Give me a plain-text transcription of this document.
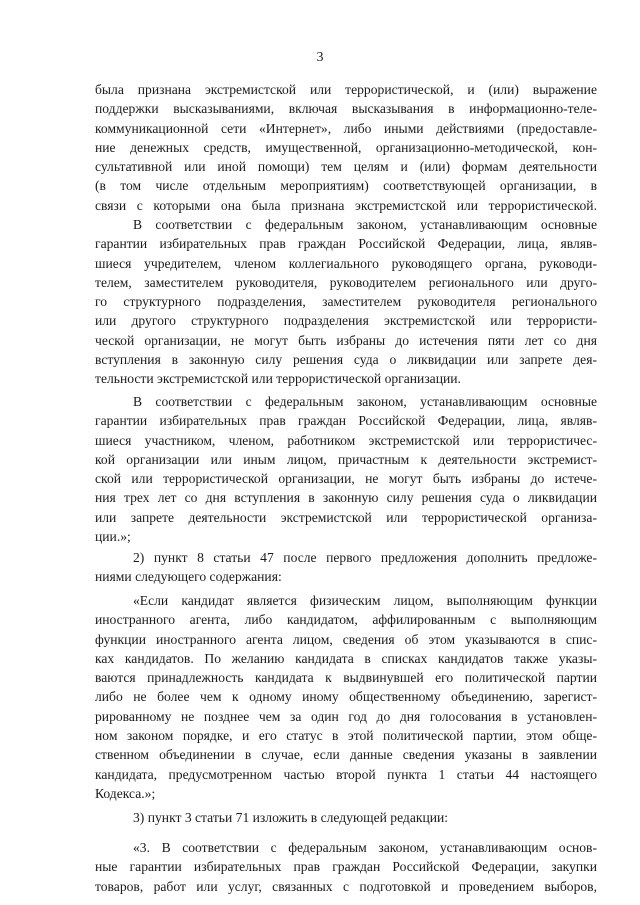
3
была признана экстремистской или террористической, и (или) выражение
поддержки высказываниями, включая высказывания в информационно-теле-
коммуникационной сети «Интернет», либо иными действиями (предоставле-
ние денежных средств, имущественной, организационно-методической, кон-
сультативной или иной помощи) тем целям и (или) формам деятельности
(в том числе отдельным мероприятиям) соответствующей организации, в
связи с которыми она была признана экстремистской или террористической.
В соответствии с федеральным законом, устанавливающим основные
гарантии избирательных прав граждан Российской Федерации, лица, являв-
шиеся учредителем, членом коллегиального руководящего органа, руководи-
телем, заместителем руководителя, руководителем регионального или друго-
го структурного подразделения, заместителем руководителя регионального
или другого структурного подразделения экстремистской или террористи-
ческой организации, не могут быть избраны до истечения пяти лет со дня
вступления в законную силу решения суда о ликвидации или запрете дея-
тельности экстремистской или террористической организации.
В соответствии с федеральным законом, устанавливающим основные
гарантии избирательных прав граждан Российской Федерации, лица, являв-
шиеся участником, членом, работником экстремистской или террористичес-
кой организации или иным лицом, причастным к деятельности экстремист-
ской или террористической организации, не могут быть избраны до истече-
ния трех лет со дня вступления в законную силу решения суда о ликвидации
или запрете деятельности экстремистской или террористической организа-
ции.»;
2) пункт 8 статьи 47 после первого предложения дополнить предложе-
ниями следующего содержания:
«Если кандидат является физическим лицом, выполняющим функции
иностранного агента, либо кандидатом, аффилированным с выполняющим
функции иностранного агента лицом, сведения об этом указываются в спис-
ках кандидатов. По желанию кандидата в списках кандидатов также указы-
ваются принадлежность кандидата к выдвинувшей его политической партии
либо не более чем к одному иному общественному объединению, зарегист-
рированному не позднее чем за один год до дня голосования в установлен-
ном законом порядке, и его статус в этой политической партии, этом обще-
ственном объединении в случае, если данные сведения указаны в заявлении
кандидата, предусмотренном частью второй пункта 1 статьи 44 настоящего
Кодекса.»;
3) пункт 3 статьи 71 изложить в следующей редакции:
«3. В соответствии с федеральным законом, устанавливающим основ-
ные гарантии избирательных прав граждан Российской Федерации, закупки
товаров, работ или услуг, связанных с подготовкой и проведением выборов,
